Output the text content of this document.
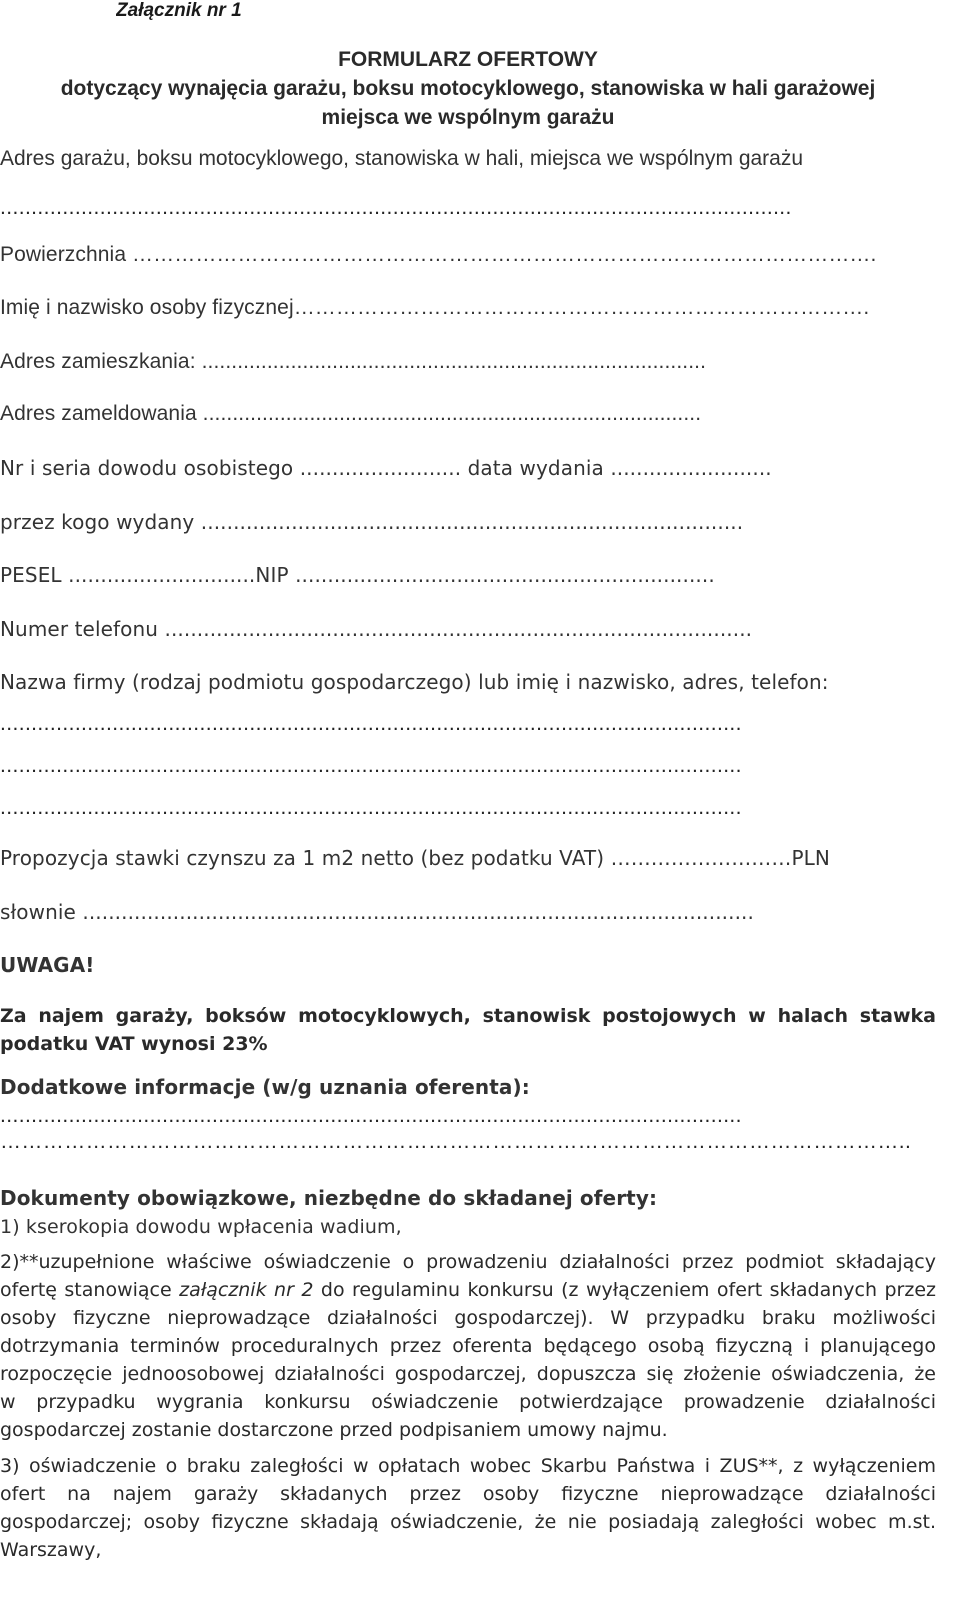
Załącznik nr 1
FORMULARZ OFERTOWY
dotyczący wynajęcia garażu, boksu motocyklowego, stanowiska w hali garażowej
miejsca we wspólnym garażu
Adres garażu, boksu motocyklowego, stanowiska w hali, miejsca we wspólnym garażu
...............................................................................................................................
Powierzchnia …………………………………………………………………………………………….
Imię i nazwisko osoby fizycznej……………………………………………………………………….
Adres zamieszkania: .....................................................................................
Adres zameldowania ....................................................................................
Nr i seria dowodu osobistego ......................... data wydania .........................
przez kogo wydany ....................................................................................
PESEL .............................NIP .................................................................
Numer telefonu ...........................................................................................
Nazwa firmy (rodzaj podmiotu gospodarczego) lub imię i nazwisko, adres, telefon:
.......................................................................................................................
.......................................................................................................................
.......................................................................................................................
Propozycja stawki czynszu za 1 m2 netto (bez podatku VAT) ………………………PLN
słownie ........................................................................................................
UWAGA!
Za najem garaży, boksów motocyklowych, stanowisk postojowych w halach stawka podatku VAT wynosi 23%
Dodatkowe informacje (w/g uznania oferenta):
.......................................................................................................................
………………………………………………………………………………………………………………..
Dokumenty obowiązkowe, niezbędne do składanej oferty:
1) kserokopia dowodu wpłacenia wadium,
2)**uzupełnione właściwe oświadczenie o prowadzeniu działalności przez podmiot składający
ofertę stanowiące załącznik nr 2 do regulaminu konkursu (z wyłączeniem ofert składanych przez
osoby fizyczne nieprowadzące działalności gospodarczej). W przypadku braku możliwości
dotrzymania terminów proceduralnych przez oferenta będącego osobą fizyczną i planującego
rozpoczęcie jednoosobowej działalności gospodarczej, dopuszcza się złożenie oświadczenia, że
w przypadku wygrania konkursu oświadczenie potwierdzające prowadzenie działalności
gospodarczej zostanie dostarczone przed podpisaniem umowy najmu.
3) oświadczenie o braku zaległości w opłatach wobec Skarbu Państwa i ZUS**, z wyłączeniem
ofert na najem garaży składanych przez osoby fizyczne nieprowadzące działalności
gospodarczej; osoby fizyczne składają oświadczenie, że nie posiadają zaległości wobec m.st.
Warszawy,
